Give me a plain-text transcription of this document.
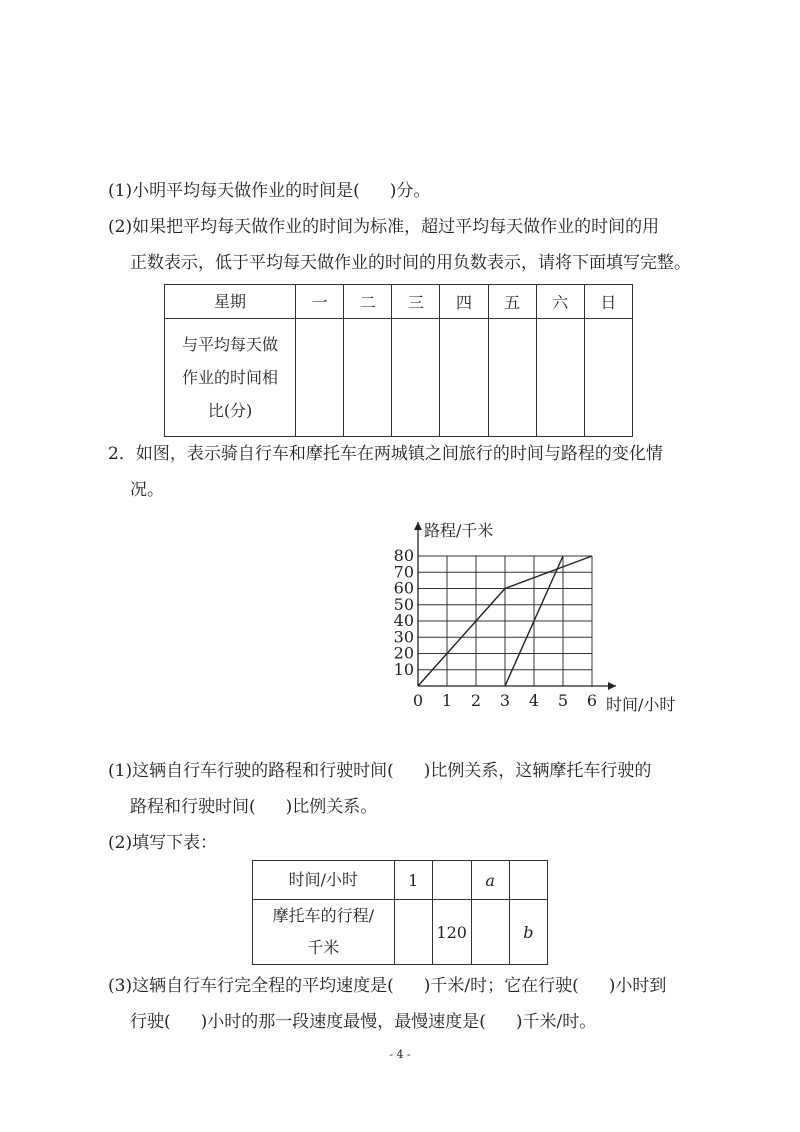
(1)小明平均每天做作业的时间是( )分。
(2)如果把平均每天做作业的时间为标准，超过平均每天做作业的时间的用
正数表示，低于平均每天做作业的时间的用负数表示，请将下面填写完整。
星期	一	二	三	四	五	六	日

与平均每天做
作业的时间相
比(分)							

2．如图，表示骑自行车和摩托车在两城镇之间旅行的时间与路程的变化情
况。
0 1 2 3 4 5 6
10
20
30
40
50
60
70
80
路程/千米
时间/小时
(1)这辆自行车行驶的路程和行驶时间( )比例关系，这辆摩托车行驶的
路程和行驶时间( )比例关系。
(2)填写下表：
时间/小时	1		a	

摩托车的行程/
千米		120		b
(3)这辆自行车行完全程的平均速度是( )千米/时；它在行驶( )小时到
行驶( )小时的那一段速度最慢，最慢速度是( )千米/时。
- 4 -
